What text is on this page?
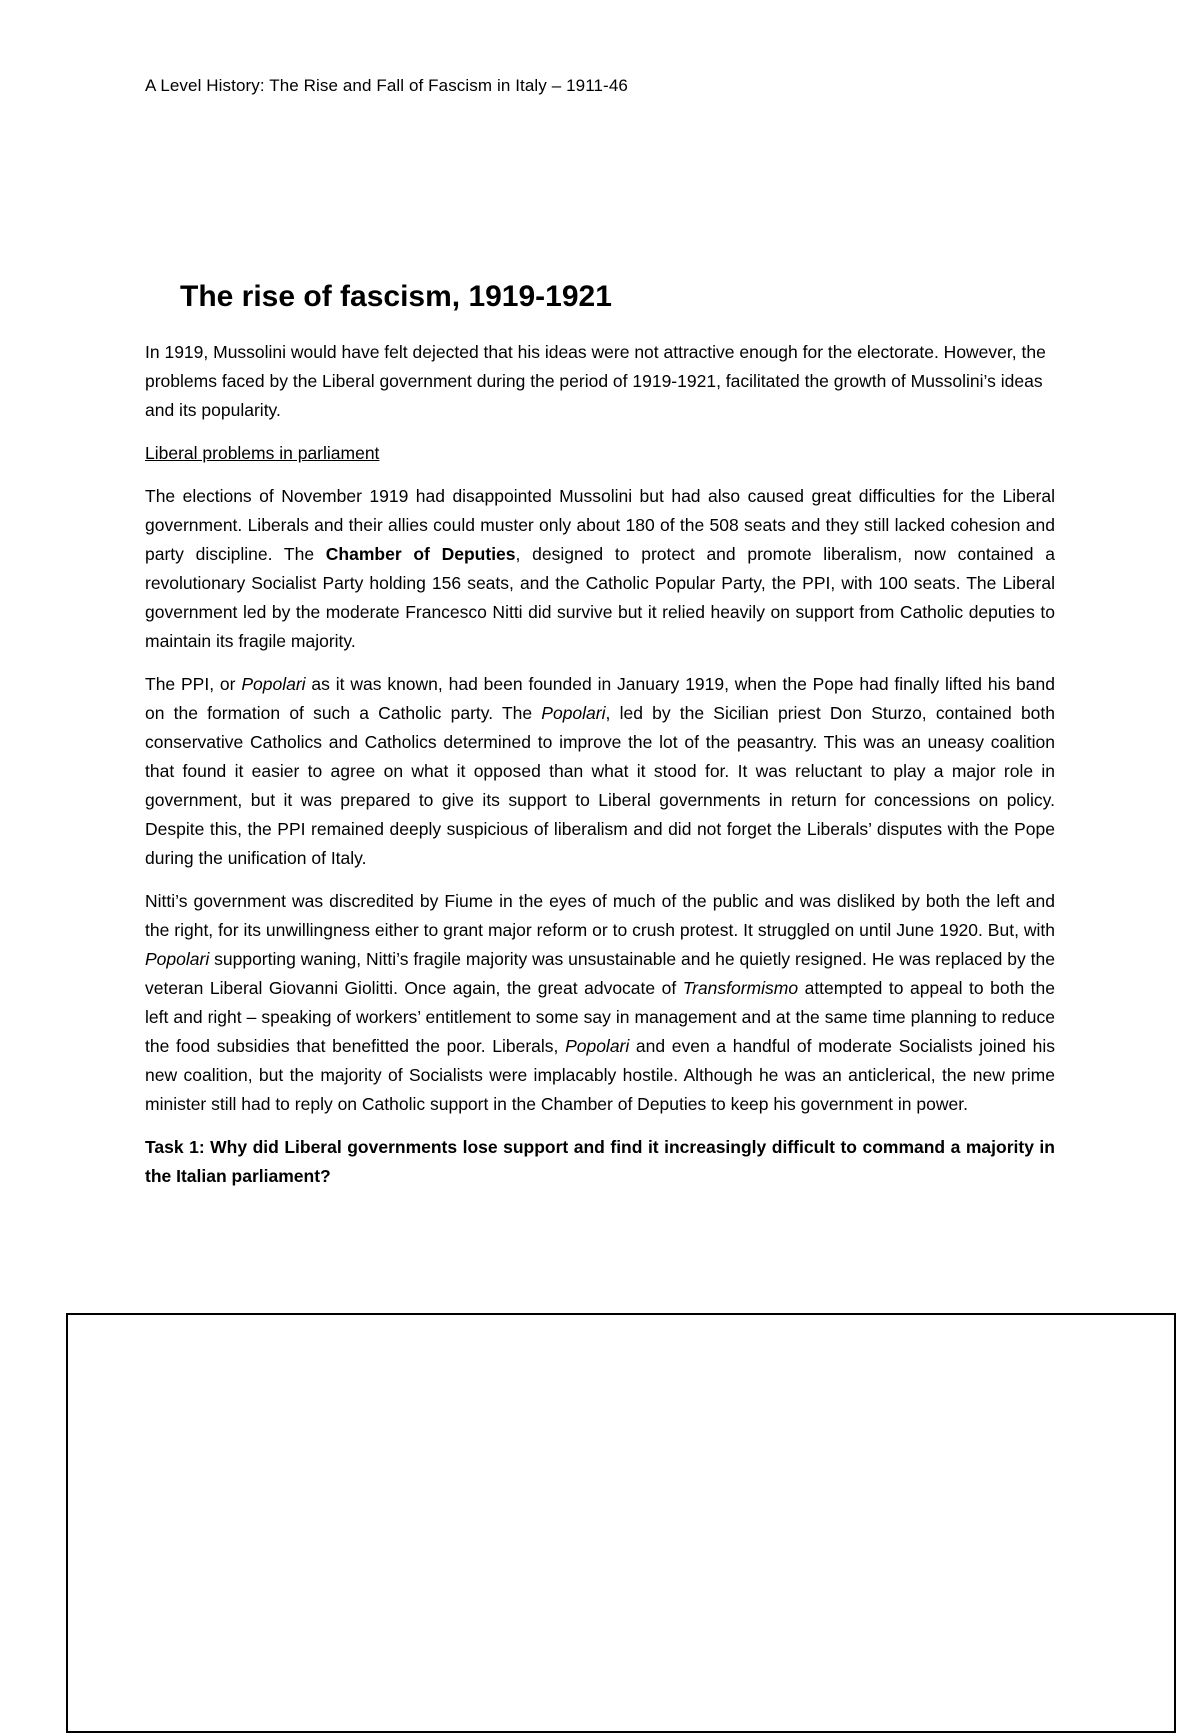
A Level History: The Rise and Fall of Fascism in Italy – 1911-46
The rise of fascism, 1919-1921

In 1919, Mussolini would have felt dejected that his ideas were not attractive enough for the electorate. However, the problems faced by the Liberal government during the period of 1919-1921, facilitated the growth of Mussolini’s ideas and its popularity.

Liberal problems in parliament

The elections of November 1919 had disappointed Mussolini but had also caused great difficulties for the Liberal government. Liberals and their allies could muster only about 180 of the 508 seats and they still lacked cohesion and party discipline. The Chamber of Deputies, designed to protect and promote liberalism, now contained a revolutionary Socialist Party holding 156 seats, and the Catholic Popular Party, the PPI, with 100 seats. The Liberal government led by the moderate Francesco Nitti did survive but it relied heavily on support from Catholic deputies to maintain its fragile majority.

The PPI, or Popolari as it was known, had been founded in January 1919, when the Pope had finally lifted his band on the formation of such a Catholic party. The Popolari, led by the Sicilian priest Don Sturzo, contained both conservative Catholics and Catholics determined to improve the lot of the peasantry. This was an uneasy coalition that found it easier to agree on what it opposed than what it stood for. It was reluctant to play a major role in government, but it was prepared to give its support to Liberal governments in return for concessions on policy. Despite this, the PPI remained deeply suspicious of liberalism and did not forget the Liberals’ disputes with the Pope during the unification of Italy.

Nitti’s government was discredited by Fiume in the eyes of much of the public and was disliked by both the left and the right, for its unwillingness either to grant major reform or to crush protest. It struggled on until June 1920. But, with Popolari supporting waning, Nitti’s fragile majority was unsustainable and he quietly resigned. He was replaced by the veteran Liberal Giovanni Giolitti. Once again, the great advocate of Transformismo attempted to appeal to both the left and right – speaking of workers’ entitlement to some say in management and at the same time planning to reduce the food subsidies that benefitted the poor. Liberals, Popolari and even a handful of moderate Socialists joined his new coalition, but the majority of Socialists were implacably hostile. Although he was an anticlerical, the new prime minister still had to reply on Catholic support in the Chamber of Deputies to keep his government in power.

Task 1: Why did Liberal governments lose support and find it increasingly difficult to command a majority in the Italian parliament?
